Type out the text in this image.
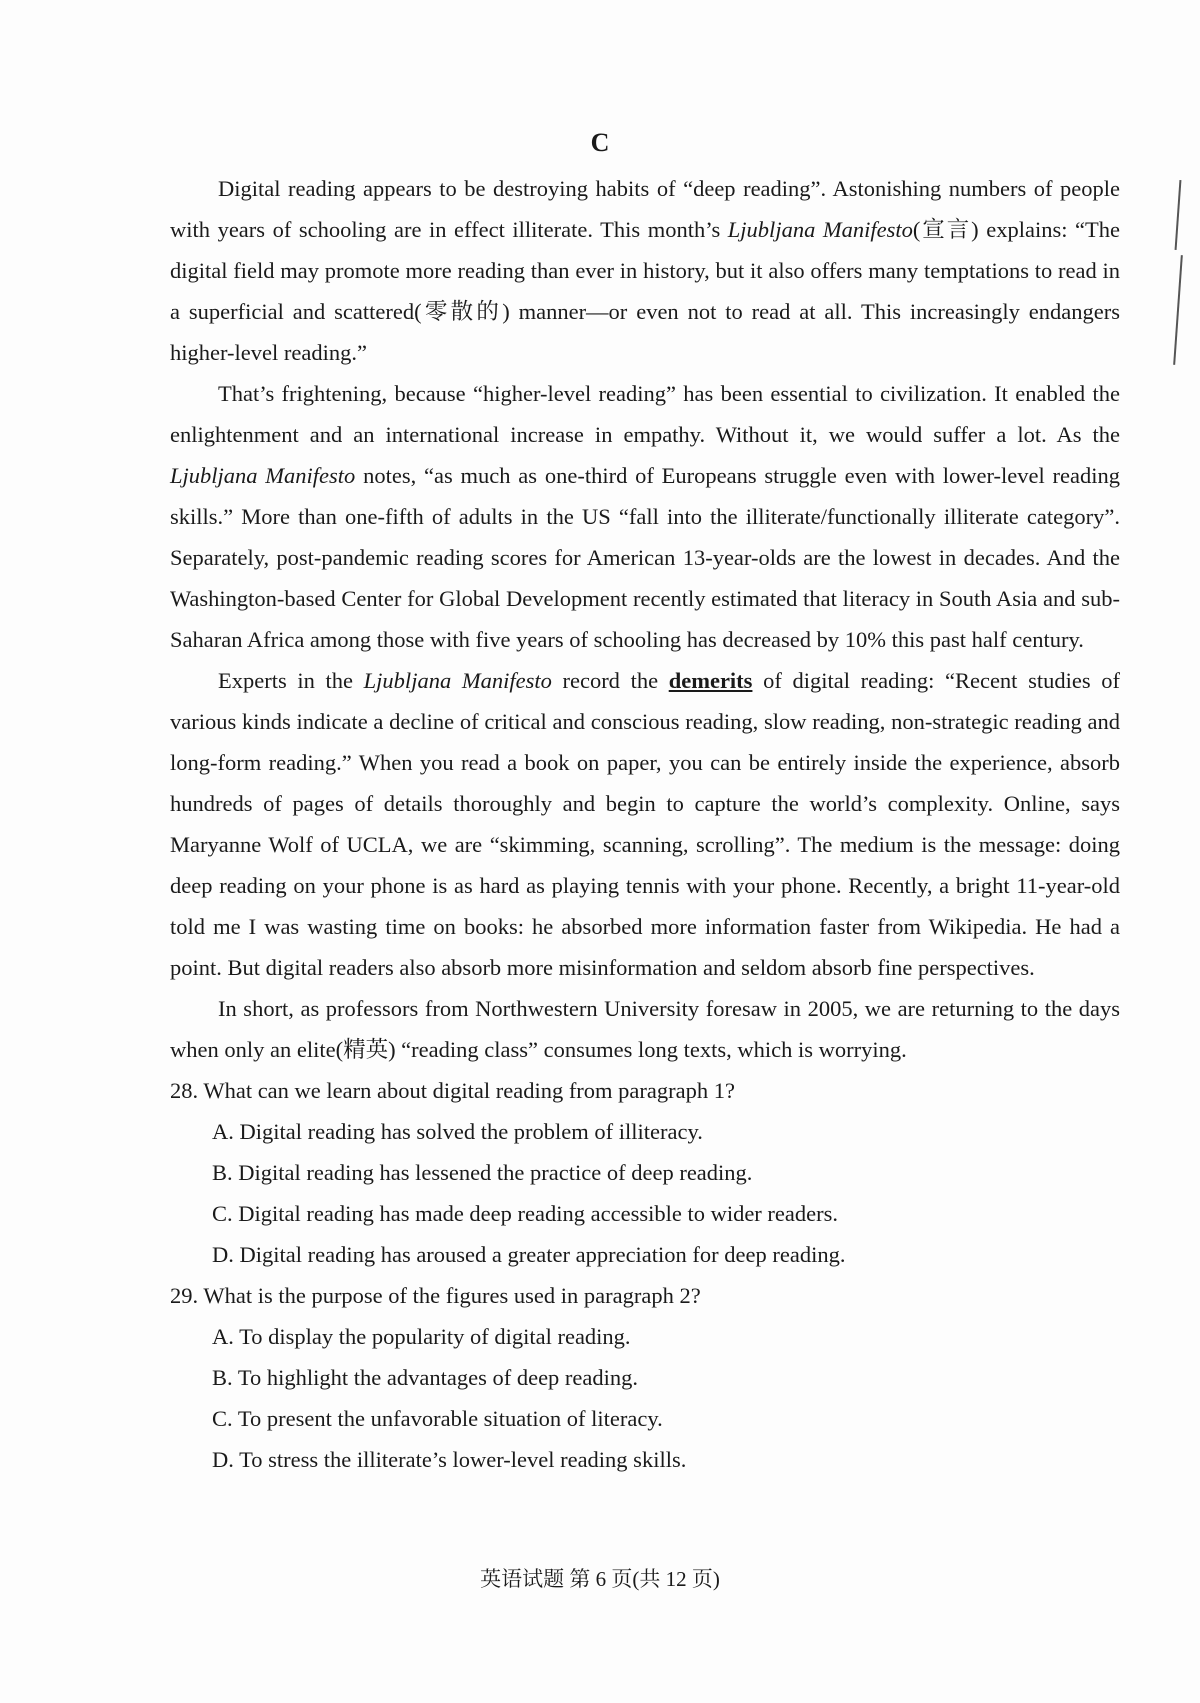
C

Digital reading appears to be destroying habits of “deep reading”. Astonishing numbers of people with years of schooling are in effect illiterate. This month’s Ljubljana Manifesto(宣言) explains: “The digital field may promote more reading than ever in history, but it also offers many temptations to read in a superficial and scattered(零散的) manner—or even not to read at all. This increasingly endangers higher-level reading.”

That’s frightening, because “higher-level reading” has been essential to civilization. It enabled the enlightenment and an international increase in empathy. Without it, we would suffer a lot. As the Ljubljana Manifesto notes, “as much as one-third of Europeans struggle even with lower-level reading skills.” More than one-fifth of adults in the US “fall into the illiterate/functionally illiterate category”. Separately, post-pandemic reading scores for American 13-year-olds are the lowest in decades. And the Washington-based Center for Global Development recently estimated that literacy in South Asia and sub-Saharan Africa among those with five years of schooling has decreased by 10% this past half century.

Experts in the Ljubljana Manifesto record the demerits of digital reading: “Recent studies of various kinds indicate a decline of critical and conscious reading, slow reading, non-strategic reading and long-form reading.” When you read a book on paper, you can be entirely inside the experience, absorb hundreds of pages of details thoroughly and begin to capture the world’s complexity. Online, says Maryanne Wolf of UCLA, we are “skimming, scanning, scrolling”. The medium is the message: doing deep reading on your phone is as hard as playing tennis with your phone. Recently, a bright 11-year-old told me I was wasting time on books: he absorbed more information faster from Wikipedia. He had a point. But digital readers also absorb more misinformation and seldom absorb fine perspectives.

In short, as professors from Northwestern University foresaw in 2005, we are returning to the days when only an elite(精英) “reading class” consumes long texts, which is worrying.

28. What can we learn about digital reading from paragraph 1?

A. Digital reading has solved the problem of illiteracy.

B. Digital reading has lessened the practice of deep reading.

C. Digital reading has made deep reading accessible to wider readers.

D. Digital reading has aroused a greater appreciation for deep reading.

29. What is the purpose of the figures used in paragraph 2?

A. To display the popularity of digital reading.

B. To highlight the advantages of deep reading.

C. To present the unfavorable situation of literacy.

D. To stress the illiterate’s lower-level reading skills.

英语试题 第 6 页(共 12 页)
